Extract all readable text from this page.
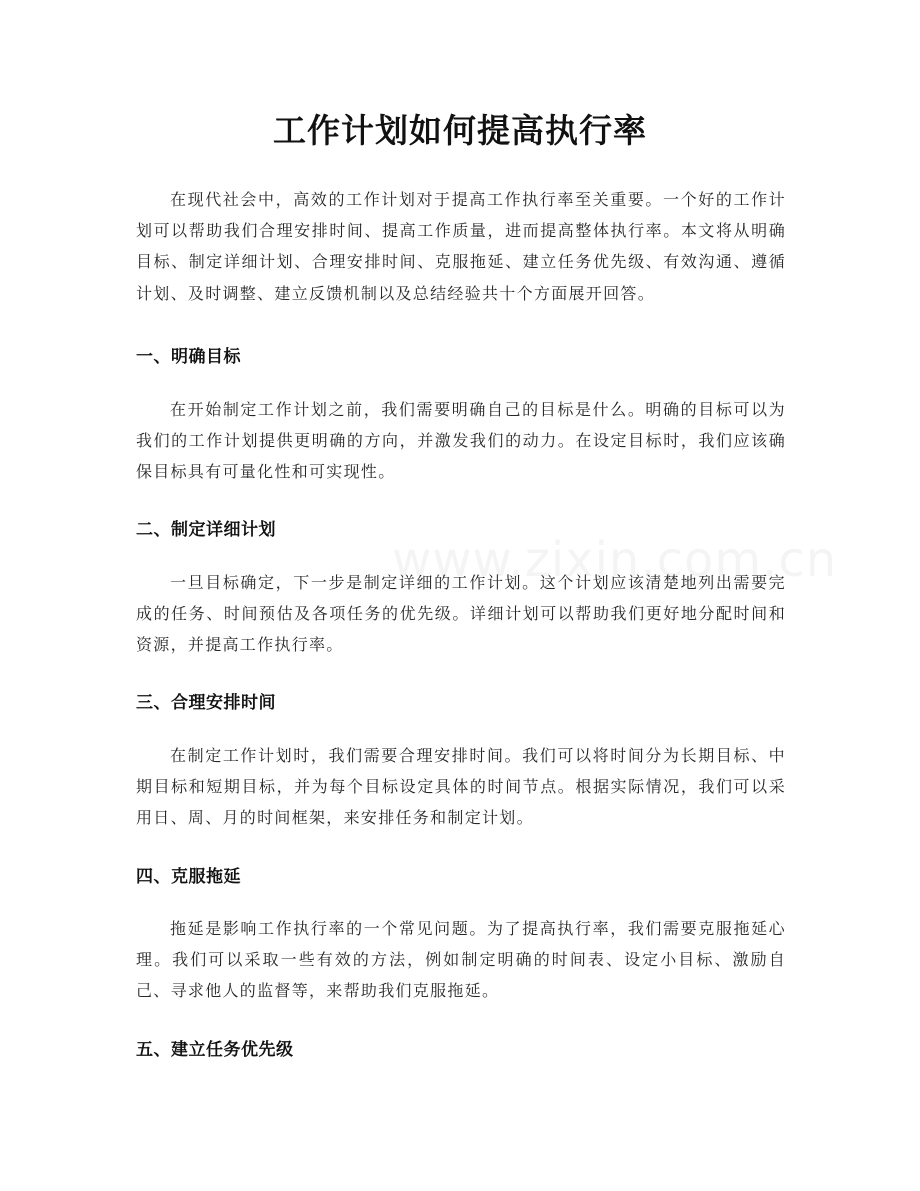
工作计划如何提高执行率

在现代社会中，高效的工作计划对于提高工作执行率至关重要。一个好的工作计划可以帮助我们合理安排时间、提高工作质量，进而提高整体执行率。本文将从明确目标、制定详细计划、合理安排时间、克服拖延、建立任务优先级、有效沟通、遵循计划、及时调整、建立反馈机制以及总结经验共十个方面展开回答。

一、明确目标

在开始制定工作计划之前，我们需要明确自己的目标是什么。明确的目标可以为我们的工作计划提供更明确的方向，并激发我们的动力。在设定目标时，我们应该确保目标具有可量化性和可实现性。

二、制定详细计划

一旦目标确定，下一步是制定详细的工作计划。这个计划应该清楚地列出需要完成的任务、时间预估及各项任务的优先级。详细计划可以帮助我们更好地分配时间和资源，并提高工作执行率。

三、合理安排时间

在制定工作计划时，我们需要合理安排时间。我们可以将时间分为长期目标、中期目标和短期目标，并为每个目标设定具体的时间节点。根据实际情况，我们可以采用日、周、月的时间框架，来安排任务和制定计划。

四、克服拖延

拖延是影响工作执行率的一个常见问题。为了提高执行率，我们需要克服拖延心理。我们可以采取一些有效的方法，例如制定明确的时间表、设定小目标、激励自己、寻求他人的监督等，来帮助我们克服拖延。

五、建立任务优先级
